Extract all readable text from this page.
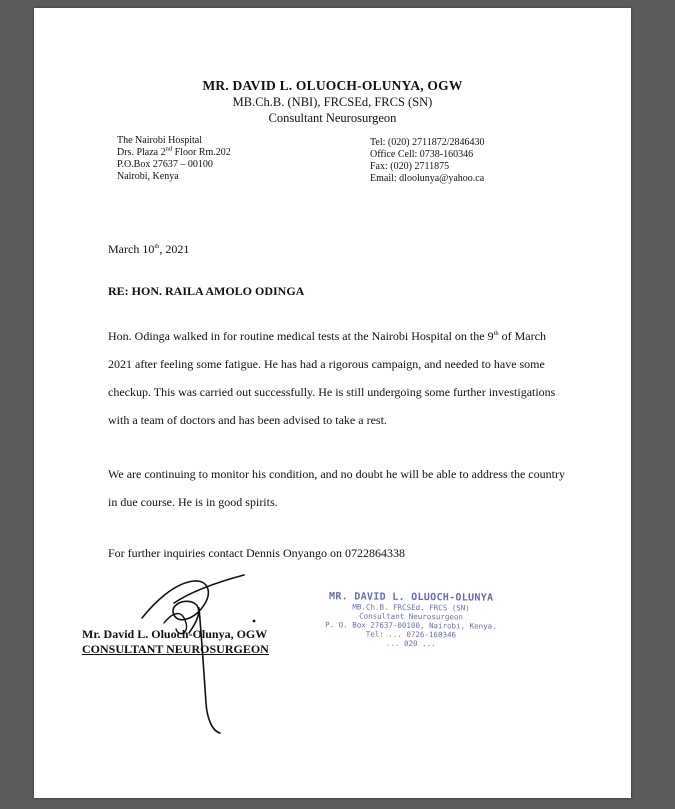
MR. DAVID L. OLUOCH-OLUNYA, OGW
MB.Ch.B. (NBI), FRCSEd, FRCS (SN)
Consultant Neurosurgeon
The Nairobi Hospital
Drs. Plaza 2nd Floor Rm.202
P.O.Box 27637 – 00100
Nairobi, Kenya
Tel: (020) 2711872/2846430
Office Cell: 0738-160346
Fax: (020) 2711875
Email: dloolunya@yahoo.ca
March 10th, 2021
RE: HON. RAILA AMOLO ODINGA
Hon. Odinga walked in for routine medical tests at the Nairobi Hospital on the 9th of March 2021 after feeling some fatigue. He has had a rigorous campaign, and needed to have some checkup. This was carried out successfully. He is still undergoing some further investigations with a team of doctors and has been advised to take a rest.
We are continuing to monitor his condition, and no doubt he will be able to address the country in due course. He is in good spirits.
For further inquiries contact Dennis Onyango on 0722864338
Mr. David L. Oluoch-Olunya, OGW
CONSULTANT NEUROSURGEON
MR. DAVID L. OLUOCH-OLUNYA
MB.Ch.B. FRCSEd. FRCS (SN)
Consultant Neurosurgeon
P. O. Box 27637-00100, Nairobi, Kenya.
Tel: ... 0726-160346
... 020 ...
